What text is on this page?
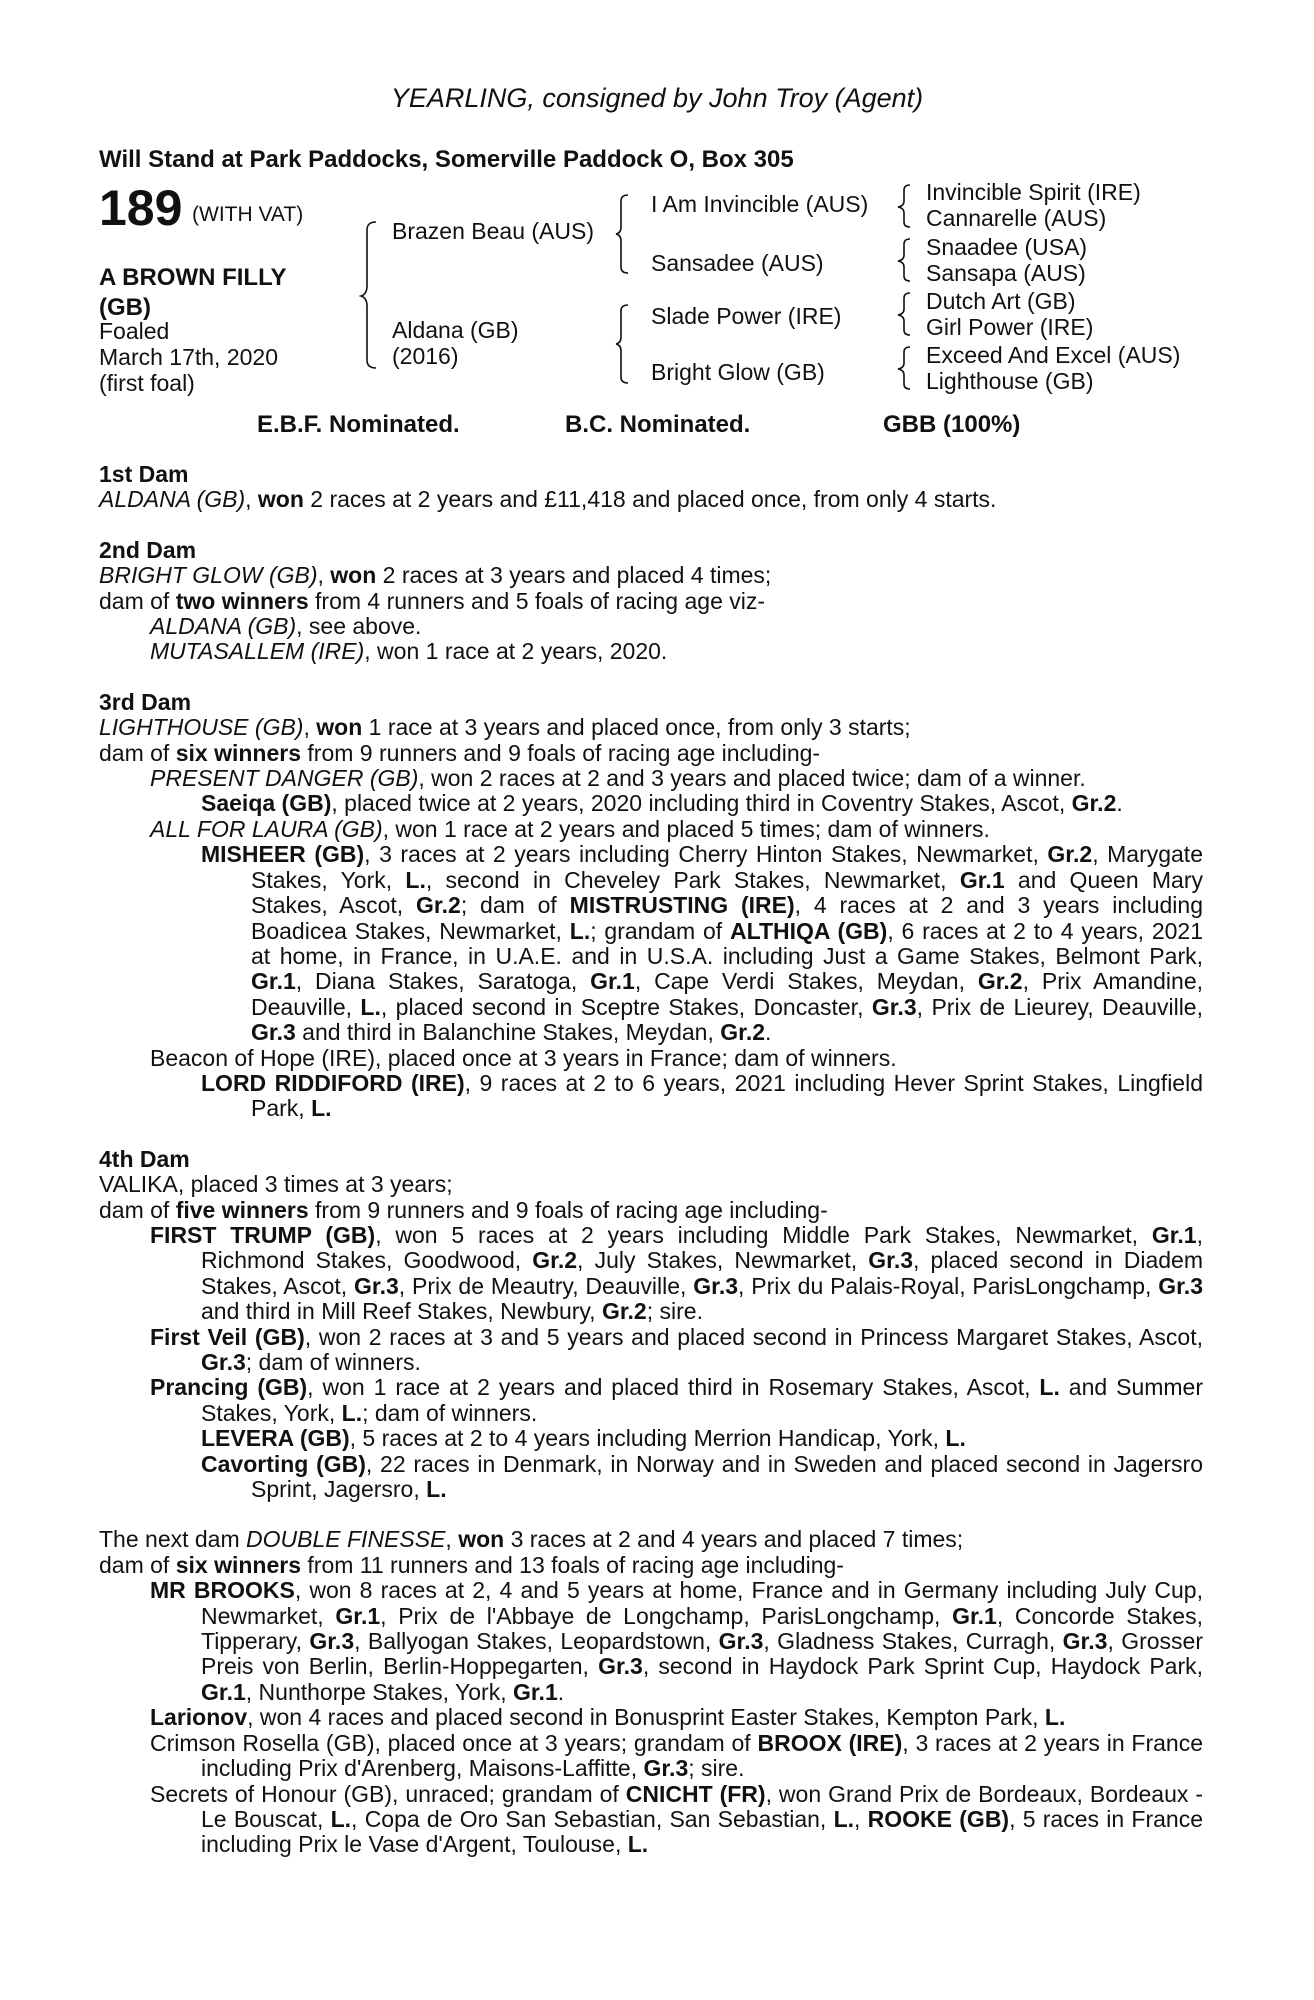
YEARLING, consigned by John Troy (Agent)
Will Stand at Park Paddocks, Somerville Paddock O, Box 305
189 (WITH VAT)
A BROWN FILLY
(GB)
Foaled
March 17th, 2020
(first foal)
Brazen Beau (AUS)
Aldana (GB)
(2016)
I Am Invincible (AUS)
Sansadee (AUS)
Slade Power (IRE)
Bright Glow (GB)
Invincible Spirit (IRE)
Cannarelle (AUS)
Snaadee (USA)
Sansapa (AUS)
Dutch Art (GB)
Girl Power (IRE)
Exceed And Excel (AUS)
Lighthouse (GB)
E.B.F. Nominated.	B.C. Nominated.	GBB (100%)

1st Dam

ALDANA (GB), won 2 races at 2 years and £11,418 and placed once, from only 4 starts.

2nd Dam

BRIGHT GLOW (GB), won 2 races at 3 years and placed 4 times;

dam of two winners from 4 runners and 5 foals of racing age viz-

ALDANA (GB), see above.

MUTASALLEM (IRE), won 1 race at 2 years, 2020.

3rd Dam

LIGHTHOUSE (GB), won 1 race at 3 years and placed once, from only 3 starts;

dam of six winners from 9 runners and 9 foals of racing age including-

PRESENT DANGER (GB), won 2 races at 2 and 3 years and placed twice; dam of a winner.

Saeiqa (GB), placed twice at 2 years, 2020 including third in Coventry Stakes, Ascot, Gr.2.

ALL FOR LAURA (GB), won 1 race at 2 years and placed 5 times; dam of winners.

MISHEER (GB), 3 races at 2 years including Cherry Hinton Stakes, Newmarket, Gr.2, Marygate Stakes, York, L., second in Cheveley Park Stakes, Newmarket, Gr.1 and Queen Mary Stakes, Ascot, Gr.2; dam of MISTRUSTING (IRE), 4 races at 2 and 3 years including Boadicea Stakes, Newmarket, L.; grandam of ALTHIQA (GB), 6 races at 2 to 4 years, 2021 at home, in France, in U.A.E. and in U.S.A. including Just a Game Stakes, Belmont Park, Gr.1, Diana Stakes, Saratoga, Gr.1, Cape Verdi Stakes, Meydan, Gr.2, Prix Amandine, Deauville, L., placed second in Sceptre Stakes, Doncaster, Gr.3, Prix de Lieurey, Deauville, Gr.3 and third in Balanchine Stakes, Meydan, Gr.2.

Beacon of Hope (IRE), placed once at 3 years in France; dam of winners.

LORD RIDDIFORD (IRE), 9 races at 2 to 6 years, 2021 including Hever Sprint Stakes, Lingfield Park, L.

4th Dam

VALIKA, placed 3 times at 3 years;

dam of five winners from 9 runners and 9 foals of racing age including-

FIRST TRUMP (GB), won 5 races at 2 years including Middle Park Stakes, Newmarket, Gr.1, Richmond Stakes, Goodwood, Gr.2, July Stakes, Newmarket, Gr.3, placed second in Diadem Stakes, Ascot, Gr.3, Prix de Meautry, Deauville, Gr.3, Prix du Palais-Royal, ParisLongchamp, Gr.3 and third in Mill Reef Stakes, Newbury, Gr.2; sire.

First Veil (GB), won 2 races at 3 and 5 years and placed second in Princess Margaret Stakes, Ascot, Gr.3; dam of winners.

Prancing (GB), won 1 race at 2 years and placed third in Rosemary Stakes, Ascot, L. and Summer Stakes, York, L.; dam of winners.

LEVERA (GB), 5 races at 2 to 4 years including Merrion Handicap, York, L.

Cavorting (GB), 22 races in Denmark, in Norway and in Sweden and placed second in Jagersro Sprint, Jagersro, L.

The next dam DOUBLE FINESSE, won 3 races at 2 and 4 years and placed 7 times;

dam of six winners from 11 runners and 13 foals of racing age including-

MR BROOKS, won 8 races at 2, 4 and 5 years at home, France and in Germany including July Cup, Newmarket, Gr.1, Prix de l'Abbaye de Longchamp, ParisLongchamp, Gr.1, Concorde Stakes, Tipperary, Gr.3, Ballyogan Stakes, Leopardstown, Gr.3, Gladness Stakes, Curragh, Gr.3, Grosser Preis von Berlin, Berlin-Hoppegarten, Gr.3, second in Haydock Park Sprint Cup, Haydock Park, Gr.1, Nunthorpe Stakes, York, Gr.1.

Larionov, won 4 races and placed second in Bonusprint Easter Stakes, Kempton Park, L.

Crimson Rosella (GB), placed once at 3 years; grandam of BROOX (IRE), 3 races at 2 years in France including Prix d'Arenberg, Maisons-Laffitte, Gr.3; sire.

Secrets of Honour (GB), unraced; grandam of CNICHT (FR), won Grand Prix de Bordeaux, Bordeaux - Le Bouscat, L., Copa de Oro San Sebastian, San Sebastian, L., ROOKE (GB), 5 races in France including Prix le Vase d'Argent, Toulouse, L.
